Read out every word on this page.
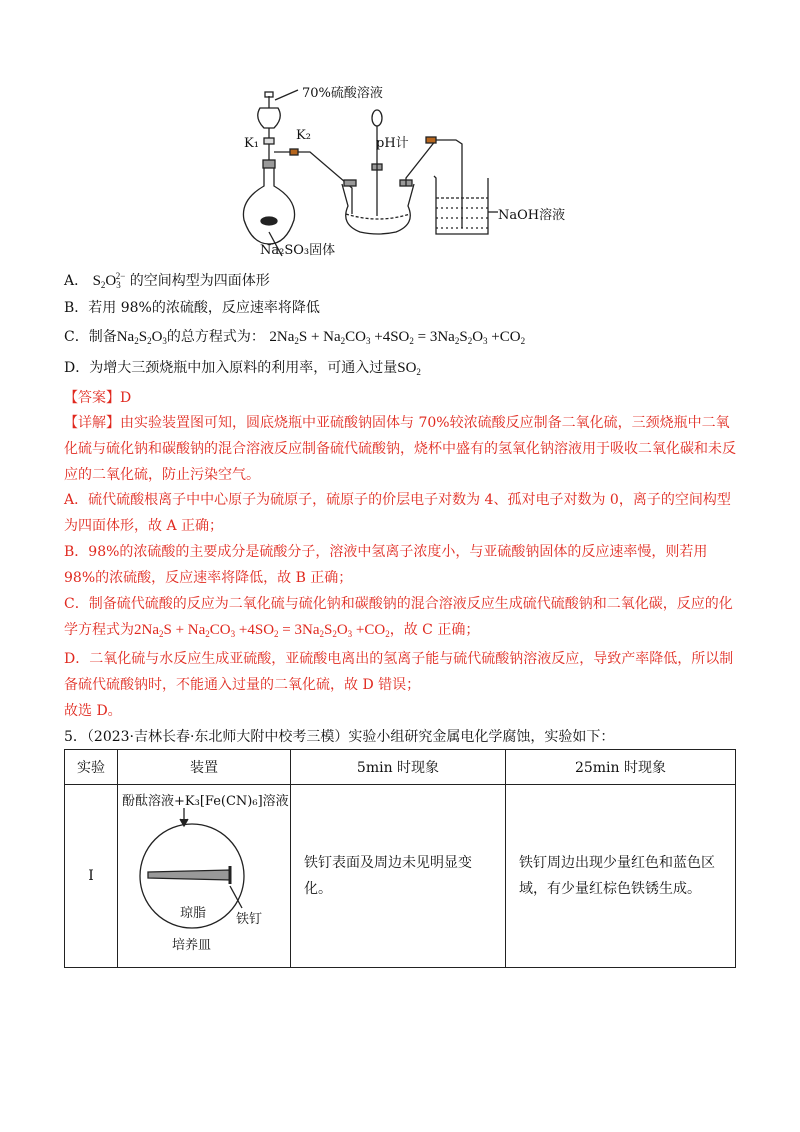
70%硫酸溶液
K₁
K₂
pH计
NaOH溶液
Na₂SO₃固体
A． $S_2O_3^{2-}$ 的空间构型为四面体形
B．若用 98%的浓硫酸，反应速率将降低
C．制备$Na_2S_2O_3$的总方程式为： $2Na_2S + Na_2CO_3 +4SO_2 = 3Na_2S_2O_3 +CO_2$
D．为增大三颈烧瓶中加入原料的利用率，可通入过量$SO_2$
【答案】D
【详解】由实验装置图可知，圆底烧瓶中亚硫酸钠固体与 70%较浓硫酸反应制备二氧化硫，三颈烧瓶中二氧化硫与硫化钠和碳酸钠的混合溶液反应制备硫代硫酸钠，烧杯中盛有的氢氧化钠溶液用于吸收二氧化碳和未反应的二氧化硫，防止污染空气。
A．硫代硫酸根离子中中心原子为硫原子，硫原子的价层电子对数为 4、孤对电子对数为 0，离子的空间构型为四面体形，故 A 正确；
B．98%的浓硫酸的主要成分是硫酸分子，溶液中氢离子浓度小，与亚硫酸钠固体的反应速率慢，则若用98%的浓硫酸，反应速率将降低，故 B 正确；
C．制备硫代硫酸的反应为二氧化硫与硫化钠和碳酸钠的混合溶液反应生成硫代硫酸钠和二氧化碳，反应的化学方程式为$2Na_2S + Na_2CO_3 +4SO_2 = 3Na_2S_2O_3 +CO_2$，故 C 正确；
D．二氧化硫与水反应生成亚硫酸，亚硫酸电离出的氢离子能与硫代硫酸钠溶液反应，导致产率降低，所以制备硫代硫酸钠时，不能通入过量的二氧化硫，故 D 错误；
故选 D。
5．（2023·吉林长春·东北师大附中校考三模）实验小组研究金属电化学腐蚀，实验如下：
实验	装置	5min 时现象	25min 时现象
I	酚酞溶液+K₃[Fe(CN)₆]溶液
琼脂 铁钉
培养皿	铁钉表面及周边未见明显变化。	铁钉周边出现少量红色和蓝色区域，有少量红棕色铁锈生成。
